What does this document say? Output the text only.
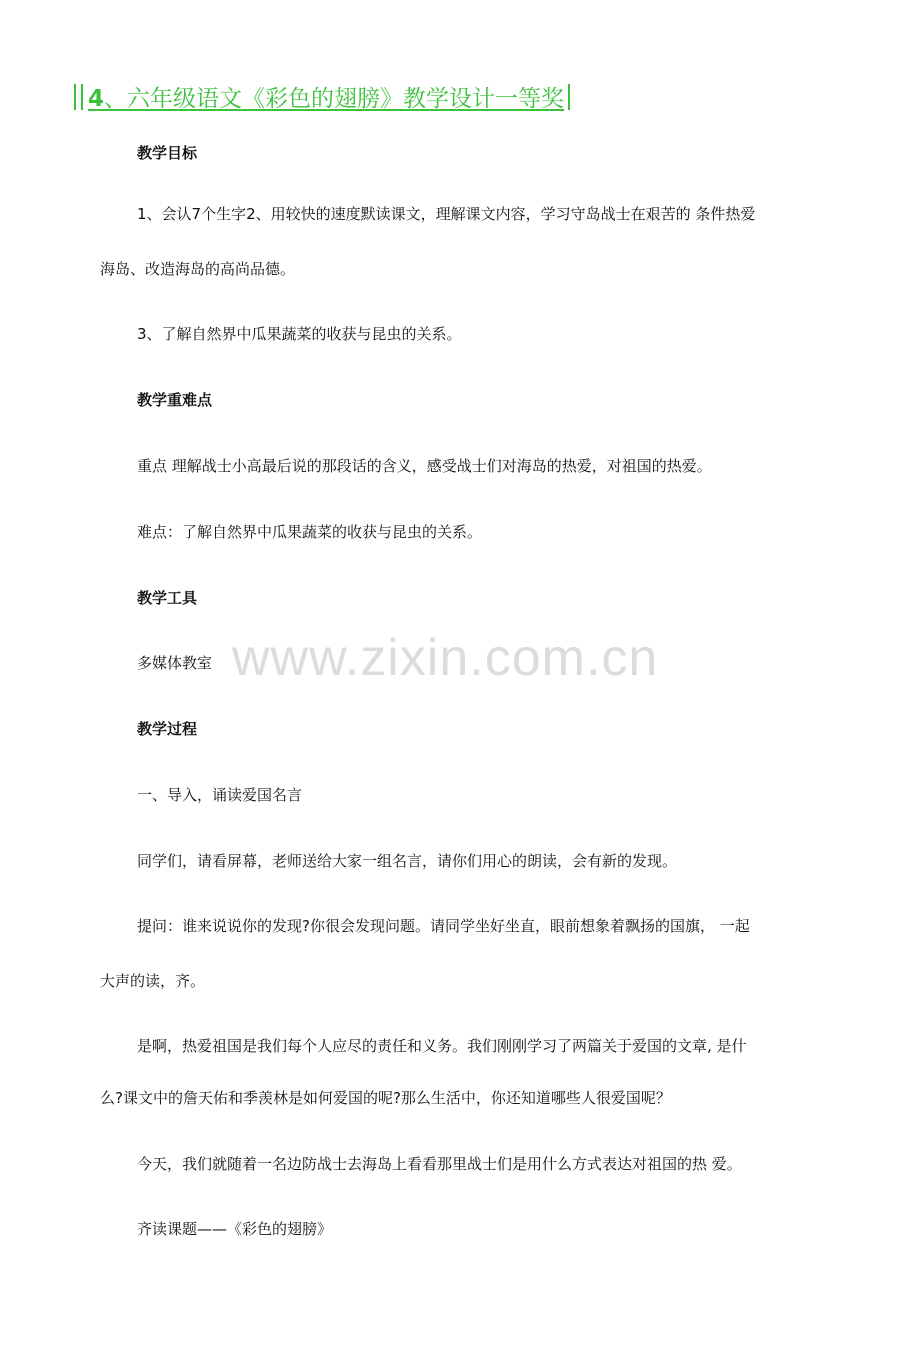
4、六年级语文《彩色的翅膀》教学设计一等奖
教学目标
1、会认7个生字2、用较快的速度默读课文，理解课文内容，学习守岛战士在艰苦的 条件热爱
海岛、改造海岛的高尚品德。
3、了解自然界中瓜果蔬菜的收获与昆虫的关系。
教学重难点
重点 理解战士小高最后说的那段话的含义，感受战士们对海岛的热爱，对祖国的热爱。
难点：了解自然界中瓜果蔬菜的收获与昆虫的关系。
教学工具
多媒体教室 www.zixin.com.cn
教学过程
一、导入，诵读爱国名言
同学们，请看屏幕，老师送给大家一组名言，请你们用心的朗读，会有新的发现。
提问：谁来说说你的发现?你很会发现问题。请同学坐好坐直，眼前想象着飘扬的国旗， 一起
大声的读，齐。
是啊，热爱祖国是我们每个人应尽的责任和义务。我们刚刚学习了两篇关于爱国的文章, 是什
么?课文中的詹天佑和季羡林是如何爱国的呢?那么生活中，你还知道哪些人很爱国呢？
今天，我们就随着一名边防战士去海岛上看看那里战士们是用什么方式表达对祖国的热 爱。
齐读课题——《彩色的翅膀》
